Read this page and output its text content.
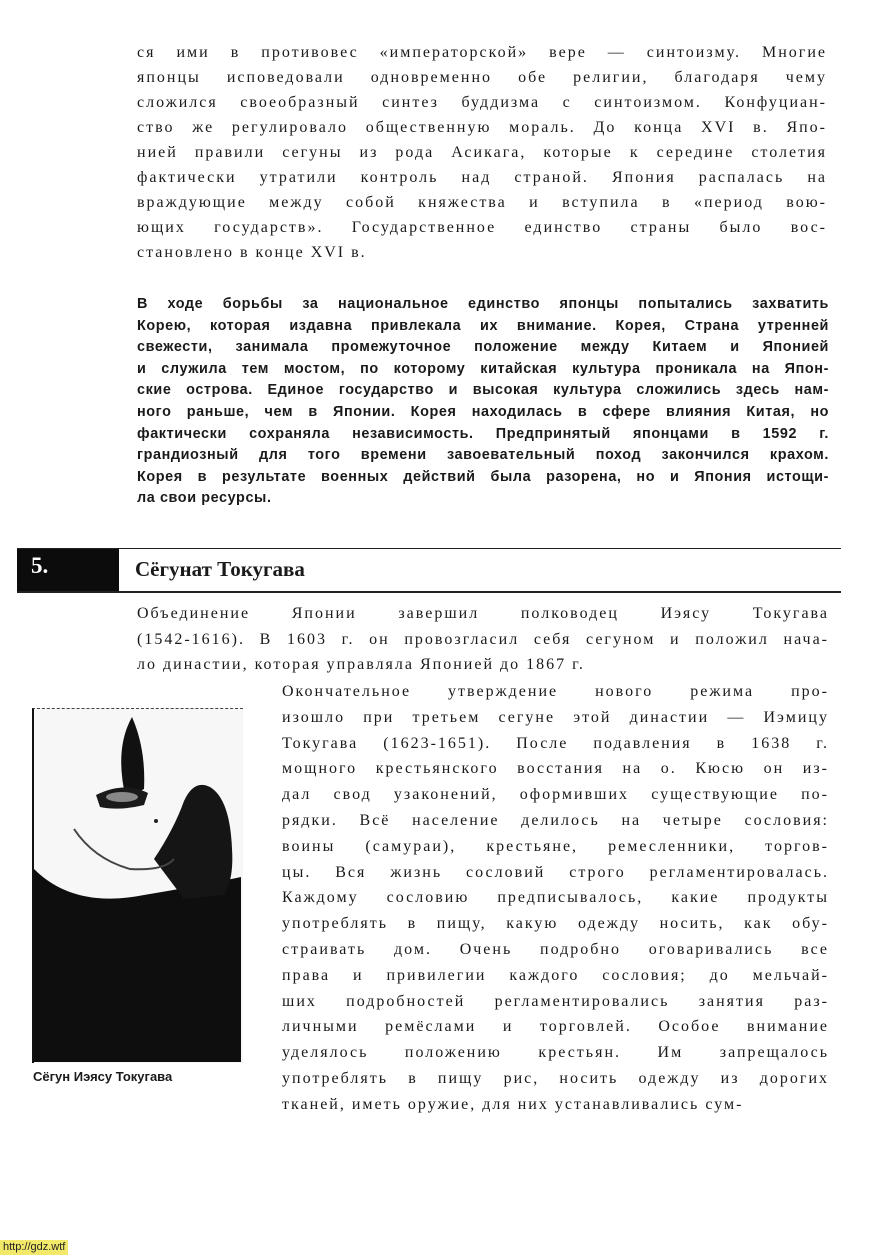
ся ими в противовес «императорской» вере — синтоизму. Многие
японцы исповедовали одновременно обе религии, благодаря чему
сложился своеобразный синтез буддизма с синтоизмом. Конфуциан-
ство же регулировало общественную мораль. До конца XVI в. Япо-
нией правили сегуны из рода Асикага, которые к середине столетия
фактически утратили контроль над страной. Япония распалась на
враждующие между собой княжества и вступила в «период вою-
ющих государств». Государственное единство страны было вос-
становлено в конце XVI в.
В ходе борьбы за национальное единство японцы попытались захватить
Корею, которая издавна привлекала их внимание. Корея, Страна утренней
свежести, занимала промежуточное положение между Китаем и Японией
и служила тем мостом, по которому китайская культура проникала на Япон-
ские острова. Единое государство и высокая культура сложились здесь нам-
ного раньше, чем в Японии. Корея находилась в сфере влияния Китая, но
фактически сохраняла независимость. Предпринятый японцами в 1592 г.
грандиозный для того времени завоевательный поход закончился крахом.
Корея в результате военных действий была разорена, но и Япония истощи-
ла свои ресурсы.
5.	Сёгунат Токугава
Объединение Японии завершил полководец Иэясу Токугава
(1542-1616). В 1603 г. он провозгласил себя сегуном и положил нача-
ло династии, которая управляла Японией до 1867 г.
Окончательное утверждение нового режима про-
изошло при третьем сегуне этой династии — Иэмицу
Токугава (1623-1651). После подавления в 1638 г.
мощного крестьянского восстания на о. Кюсю он из-
дал свод узаконений, оформивших существующие по-
рядки. Всё население делилось на четыре сословия:
воины (самураи), крестьяне, ремесленники, торгов-
цы. Вся жизнь сословий строго регламентировалась.
Каждому сословию предписывалось, какие продукты
употреблять в пищу, какую одежду носить, как обу-
страивать дом. Очень подробно оговаривались все
права и привилегии каждого сословия; до мельчай-
ших подробностей регламентировались занятия раз-
личными ремёслами и торговлей. Особое внимание
уделялось положению крестьян. Им запрещалось
употреблять в пищу рис, носить одежду из дорогих
тканей, иметь оружие, для них устанавливались сум-
Сёгун Иэясу Токугава
http://gdz.wtf
